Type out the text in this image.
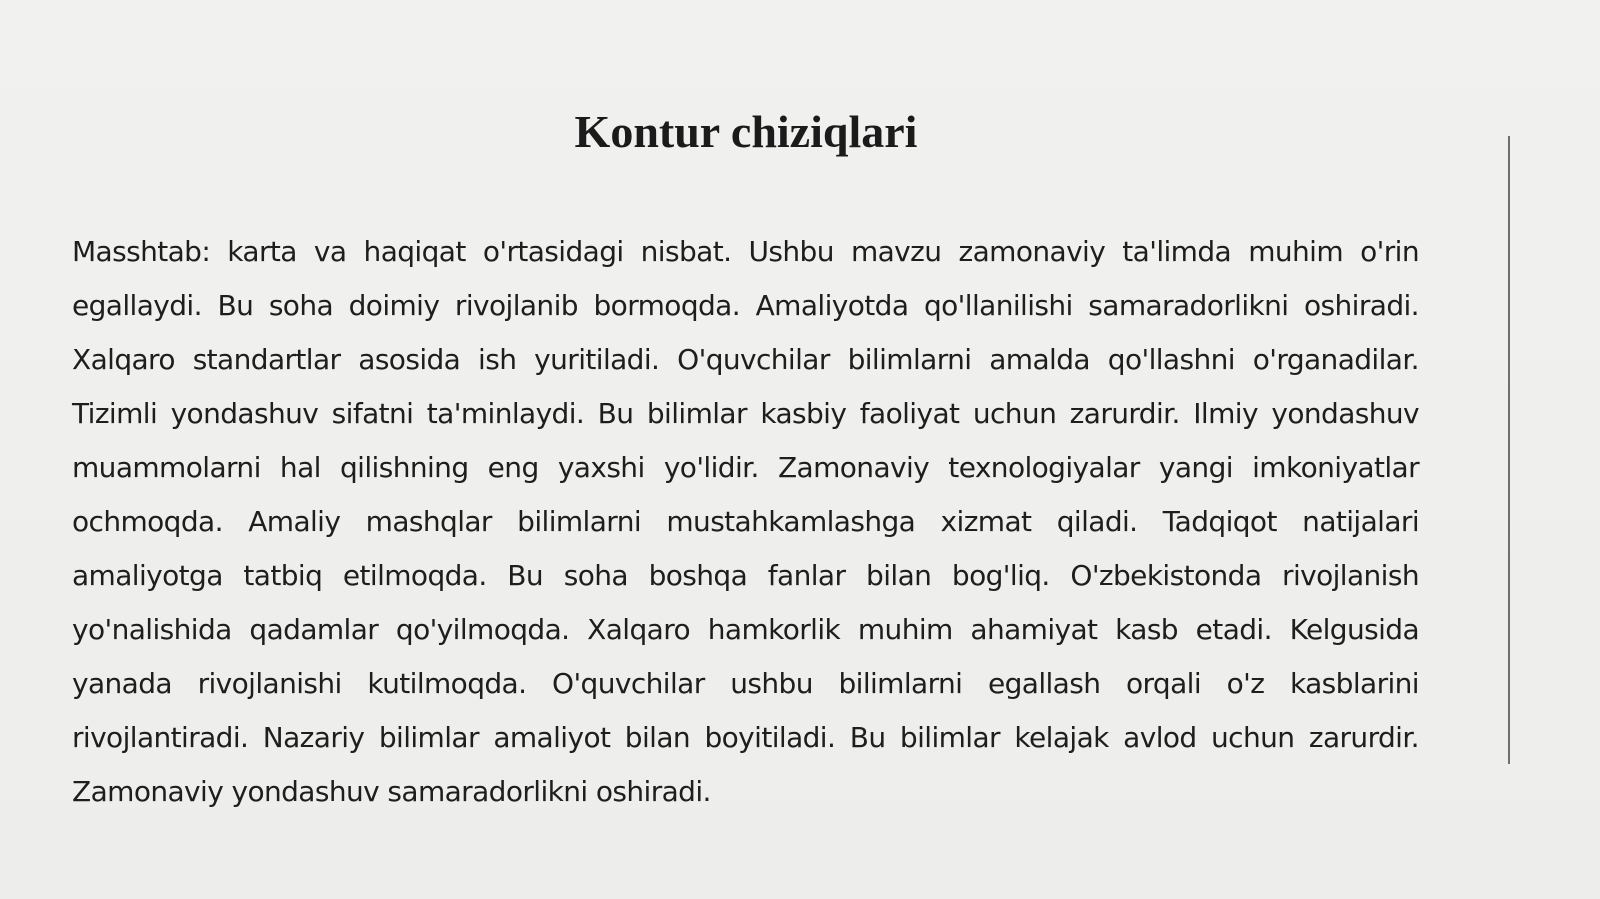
Kontur chiziqlari

Masshtab: karta va haqiqat o'rtasidagi nisbat. Ushbu mavzu zamonaviy ta'limda muhim o'rin egallaydi. Bu soha doimiy rivojlanib bormoqda. Amaliyotda qo'llanilishi samaradorlikni oshiradi. Xalqaro standartlar asosida ish yuritiladi. O'quvchilar bilimlarni amalda qo'llashni o'rganadilar. Tizimli yondashuv sifatni ta'minlaydi. Bu bilimlar kasbiy faoliyat uchun zarurdir. Ilmiy yondashuv muammolarni hal qilishning eng yaxshi yo'lidir. Zamonaviy texnologiyalar yangi imkoniyatlar ochmoqda. Amaliy mashqlar bilimlarni mustahkamlashga xizmat qiladi. Tadqiqot natijalari amaliyotga tatbiq etilmoqda. Bu soha boshqa fanlar bilan bog'liq. O'zbekistonda rivojlanish yo'nalishida qadamlar qo'yilmoqda. Xalqaro hamkorlik muhim ahamiyat kasb etadi. Kelgusida yanada rivojlanishi kutilmoqda. O'quvchilar ushbu bilimlarni egallash orqali o'z kasblarini rivojlantiradi. Nazariy bilimlar amaliyot bilan boyitiladi. Bu bilimlar kelajak avlod uchun zarurdir. Zamonaviy yondashuv samaradorlikni oshiradi.
